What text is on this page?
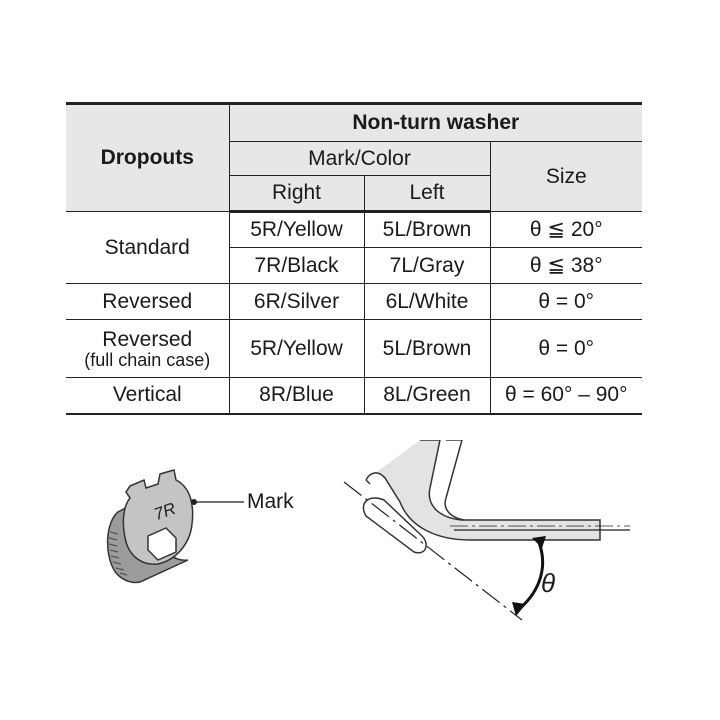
Dropouts	Non-turn washer		
	Mark/Color		Size
	Right	Left	
Standard	5R/Yellow	5L/Brown	θ ≦ 20°
	7R/Black	7L/Gray	θ ≦ 38°
Reversed	6R/Silver	6L/White	θ = 0°
Reversed
(full chain case)	5R/Yellow	5L/Brown	θ = 0°
Vertical	8R/Blue	8L/Green	θ = 60° – 90°
7R	Mark
θ
